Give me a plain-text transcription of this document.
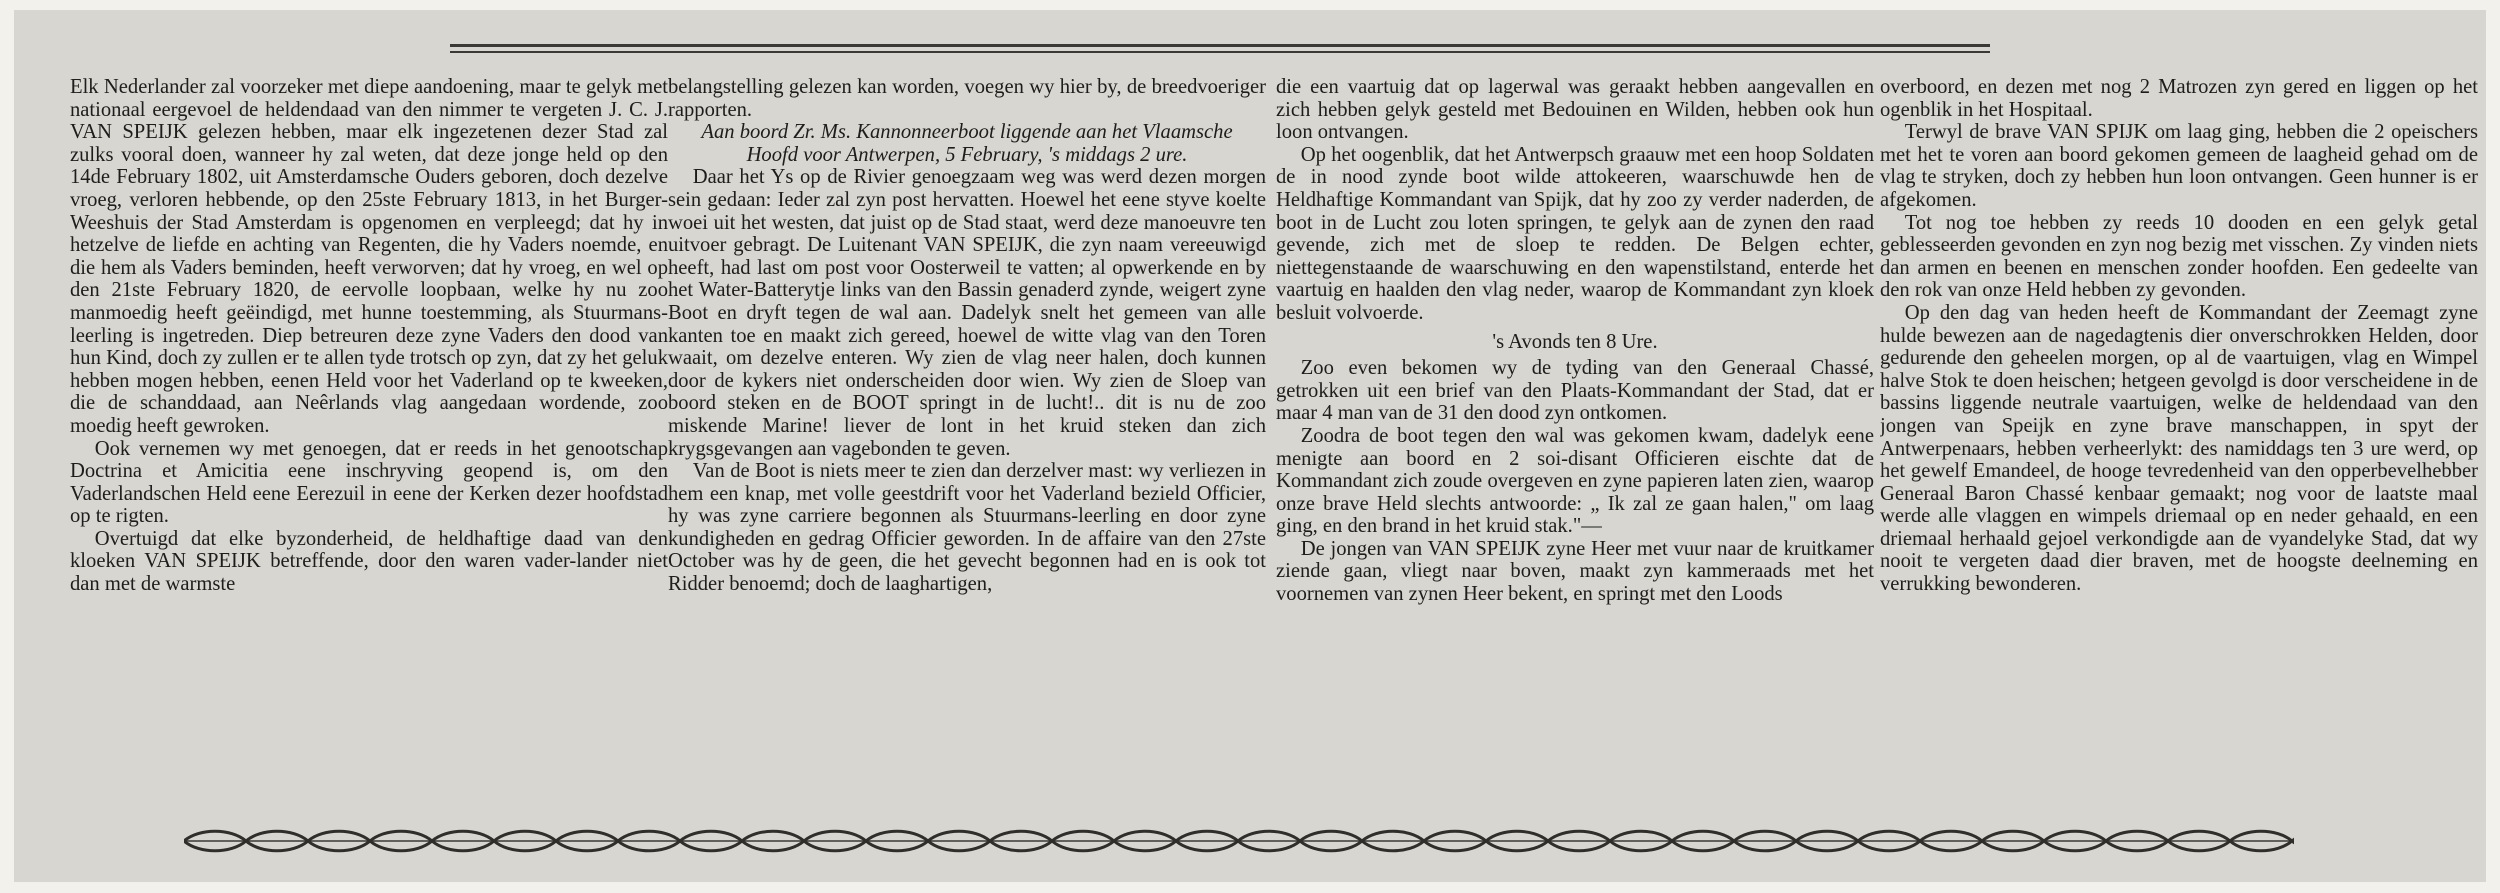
Elk Nederlander zal voorzeker met diepe aandoening, maar te gelyk met nationaal eergevoel de heldendaad van den nimmer te vergeten J. C. J. VAN SPEIJK gelezen hebben, maar elk ingezetenen dezer Stad zal zulks vooral doen, wanneer hy zal weten, dat deze jonge held op den 14de February 1802, uit Amsterdamsche Ouders geboren, doch dezelve vroeg, verloren hebbende, op den 25ste February 1813, in het Burger-Weeshuis der Stad Amsterdam is opgenomen en verpleegd; dat hy in hetzelve de liefde en achting van Regenten, die hy Vaders noemde, en die hem als Vaders beminden, heeft verworven; dat hy vroeg, en wel op den 21ste February 1820, de eervolle loopbaan, welke hy nu zoo manmoedig heeft geëindigd, met hunne toestemming, als Stuurmans-leerling is ingetreden. Diep betreuren deze zyne Vaders den dood van hun Kind, doch zy zullen er te allen tyde trotsch op zyn, dat zy het geluk hebben mogen hebben, eenen Held voor het Vaderland op te kweeken, die de schanddaad, aan Neêrlands vlag aangedaan wordende, zoo moedig heeft gewroken.

Ook vernemen wy met genoegen, dat er reeds in het genootschap Doctrina et Amicitia eene inschryving geopend is, om den Vaderlandschen Held eene Eerezuil in eene der Kerken dezer hoofdstad op te rigten.

Overtuigd dat elke byzonderheid, de heldhaftige daad van den kloeken VAN SPEIJK betreffende, door den waren vader-lander niet dan met de warmste

belangstelling gelezen kan worden, voegen wy hier by, de breedvoeriger rapporten.

Aan boord Zr. Ms. Kannonneerboot liggende aan het Vlaamsche Hoofd voor Antwerpen, 5 February, 's middags 2 ure.

Daar het Ys op de Rivier genoegzaam weg was werd dezen morgen sein gedaan: Ieder zal zyn post hervatten. Hoewel het eene styve koelte woei uit het westen, dat juist op de Stad staat, werd deze manoeuvre ten uitvoer gebragt. De Luitenant VAN SPEIJK, die zyn naam vereeuwigd heeft, had last om post voor Oosterweil te vatten; al opwerkende en by het Water-Batterytje links van den Bassin genaderd zynde, weigert zyne Boot en dryft tegen de wal aan. Dadelyk snelt het gemeen van alle kanten toe en maakt zich gereed, hoewel de witte vlag van den Toren waait, om dezelve enteren. Wy zien de vlag neer halen, doch kunnen door de kykers niet onderscheiden door wien. Wy zien de Sloep van boord steken en de BOOT springt in de lucht!.. dit is nu de zoo miskende Marine! liever de lont in het kruid steken dan zich krygsgevangen aan vagebonden te geven.

Van de Boot is niets meer te zien dan derzelver mast: wy verliezen in hem een knap, met volle geestdrift voor het Vaderland bezield Officier, hy was zyne carriere begonnen als Stuurmans-leerling en door zyne kundigheden en gedrag Officier geworden. In de affaire van den 27ste October was hy de geen, die het gevecht begonnen had en is ook tot Ridder benoemd; doch de laaghartigen,

die een vaartuig dat op lagerwal was geraakt hebben aangevallen en zich hebben gelyk gesteld met Bedouinen en Wilden, hebben ook hun loon ontvangen.

Op het oogenblik, dat het Antwerpsch graauw met een hoop Soldaten de in nood zynde boot wilde attokeeren, waarschuwde hen de Heldhaftige Kommandant van Spijk, dat hy zoo zy verder naderden, de boot in de Lucht zou loten springen, te gelyk aan de zynen den raad gevende, zich met de sloep te redden. De Belgen echter, niettegenstaande de waarschuwing en den wapenstilstand, enterde het vaartuig en haalden den vlag neder, waarop de Kommandant zyn kloek besluit volvoerde.

's Avonds ten 8 Ure.

Zoo even bekomen wy de tyding van den Generaal Chassé, getrokken uit een brief van den Plaats-Kommandant der Stad, dat er maar 4 man van de 31 den dood zyn ontkomen.

Zoodra de boot tegen den wal was gekomen kwam, dadelyk eene menigte aan boord en 2 soi-disant Officieren eischte dat de Kommandant zich zoude overgeven en zyne papieren laten zien, waarop onze brave Held slechts antwoorde: „ Ik zal ze gaan halen," om laag ging, en den brand in het kruid stak."—

De jongen van VAN SPEIJK zyne Heer met vuur naar de kruitkamer ziende gaan, vliegt naar boven, maakt zyn kammeraads met het voornemen van zynen Heer bekent, en springt met den Loods

overboord, en dezen met nog 2 Matrozen zyn gered en liggen op het ogenblik in het Hospitaal.

Terwyl de brave VAN SPIJK om laag ging, hebben die 2 opeischers met het te voren aan boord gekomen gemeen de laagheid gehad om de vlag te stryken, doch zy hebben hun loon ontvangen. Geen hunner is er afgekomen.

Tot nog toe hebben zy reeds 10 dooden en een gelyk getal geblesseerden gevonden en zyn nog bezig met visschen. Zy vinden niets dan armen en beenen en menschen zonder hoofden. Een gedeelte van den rok van onze Held hebben zy gevonden.

Op den dag van heden heeft de Kommandant der Zeemagt zyne hulde bewezen aan de nagedagtenis dier onverschrokken Helden, door gedurende den geheelen morgen, op al de vaartuigen, vlag en Wimpel halve Stok te doen heischen; hetgeen gevolgd is door verscheidene in de bassins liggende neutrale vaartuigen, welke de heldendaad van den jongen van Speijk en zyne brave manschappen, in spyt der Antwerpenaars, hebben verheerlykt: des namiddags ten 3 ure werd, op het gewelf Emandeel, de hooge tevredenheid van den opperbevelhebber Generaal Baron Chassé kenbaar gemaakt; nog voor de laatste maal werde alle vlaggen en wimpels driemaal op en neder gehaald, en een driemaal herhaald gejoel verkondigde aan de vyandelyke Stad, dat wy nooit te vergeten daad dier braven, met de hoogste deelneming en verrukking bewonderen.
